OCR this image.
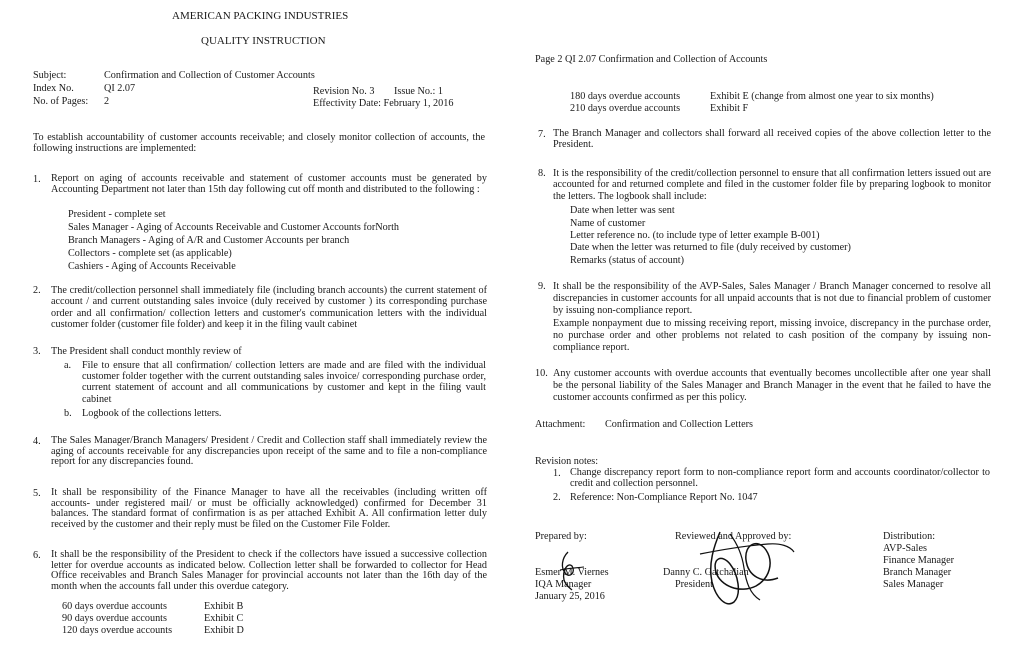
AMERICAN PACKING INDUSTRIES
QUALITY INSTRUCTION
Subject:	Confirmation and Collection of Customer Accounts
Index No.	QI 2.07	Revision No. 3 Issue No.: 1
No. of Pages: 2	Effectivity Date: February 1, 2016
To establish accountability of customer accounts receivable; and closely monitor collection of accounts, the following instructions are implemented:
1. Report on aging of accounts receivable and statement of customer accounts must be generated by Accounting Department not later than 15th day following cut off month and distributed to the following :
President - complete set
Sales Manager - Aging of Accounts Receivable and Customer Accounts forNorth
Branch Managers - Aging of A/R and Customer Accounts per branch
Collectors - complete set (as applicable)
Cashiers - Aging of Accounts Receivable
2. The credit/collection personnel shall immediately file (including branch accounts) the current statement of account / and current outstanding sales invoice (duly received by customer ) its corresponding purchase order and all confirmation/ collection letters and customer's communication letters with the individual customer folder (customer file folder) and keep it in the filing vault cabinet
3. The President shall conduct monthly review of
a. File to ensure that all confirmation/ collection letters are made and are filed with the individual customer folder together with the current outstanding sales invoice/ corresponding purchase order, current statement of account and all communications by customer and kept in the filing vault cabinet
b. Logbook of the collections letters.
4. The Sales Manager/Branch Managers/ President / Credit and Collection staff shall immediately review the aging of accounts receivable for any discrepancies upon receipt of the same and to file a non-compliance report for any discrepancies found.
5. It shall be responsibility of the Finance Manager to have all the receivables (including written off accounts- under registered mail/ or must be officially acknowledged) confirmed for December 31 balances. The standard format of confirmation is as per attached Exhibit A. All confirmation letter duly received by the customer and their reply must be filed on the Customer File Folder.
6. It shall be the responsibility of the President to check if the collectors have issued a successive collection letter for overdue accounts as indicated below. Collection letter shall be forwarded to collector for Head Office receivables and Branch Sales Manager for provincial accounts not later than the 16th day of the month when the accounts fall under this overdue category.
60 days overdue accounts	Exhibit B
90 days overdue accounts	Exhibit C
120 days overdue accounts	Exhibit D
Page 2 QI 2.07 Confirmation and Collection of Accounts
180 days overdue accounts	Exhibit E (change from almost one year to six months)
210 days overdue accounts	Exhibit F
7. The Branch Manager and collectors shall forward all received copies of the above collection letter to the President.
8. It is the responsibility of the credit/collection personnel to ensure that all confirmation letters issued out are accounted for and returned complete and filed in the customer folder file by preparing logbook to monitor the letters. The logbook shall include:
Date when letter was sent
Name of customer
Letter reference no. (to include type of letter example B-001)
Date when the letter was returned to file (duly received by customer)
Remarks (status of account)
9. It shall be the responsibility of the AVP-Sales, Sales Manager / Branch Manager concerned to resolve all discrepancies in customer accounts for all unpaid accounts that is not due to financial problem of customer by issuing non-compliance report.
Example nonpayment due to missing receiving report, missing invoice, discrepancy in the purchase order, no purchase order and other problems not related to cash position of the company by issuing non-compliance report.
10. Any customer accounts with overdue accounts that eventually becomes uncollectible after one year shall be the personal liability of the Sales Manager and Branch Manager in the event that he failed to have the customer accounts confirmed as per this policy.
Attachment: Confirmation and Collection Letters
Revision notes:
1. Change discrepancy report form to non-compliance report form and accounts coordinator/collector to credit and collection personnel.
2. Reference: Non-Compliance Report No. 1047
Prepared by:
Esmer M. Viernes
IQA Manager
January 25, 2016
Reviewed and Approved by:
Danny C. Gatchalian
President
Distribution:
AVP-Sales
Finance Manager
Branch Manager
Sales Manager
